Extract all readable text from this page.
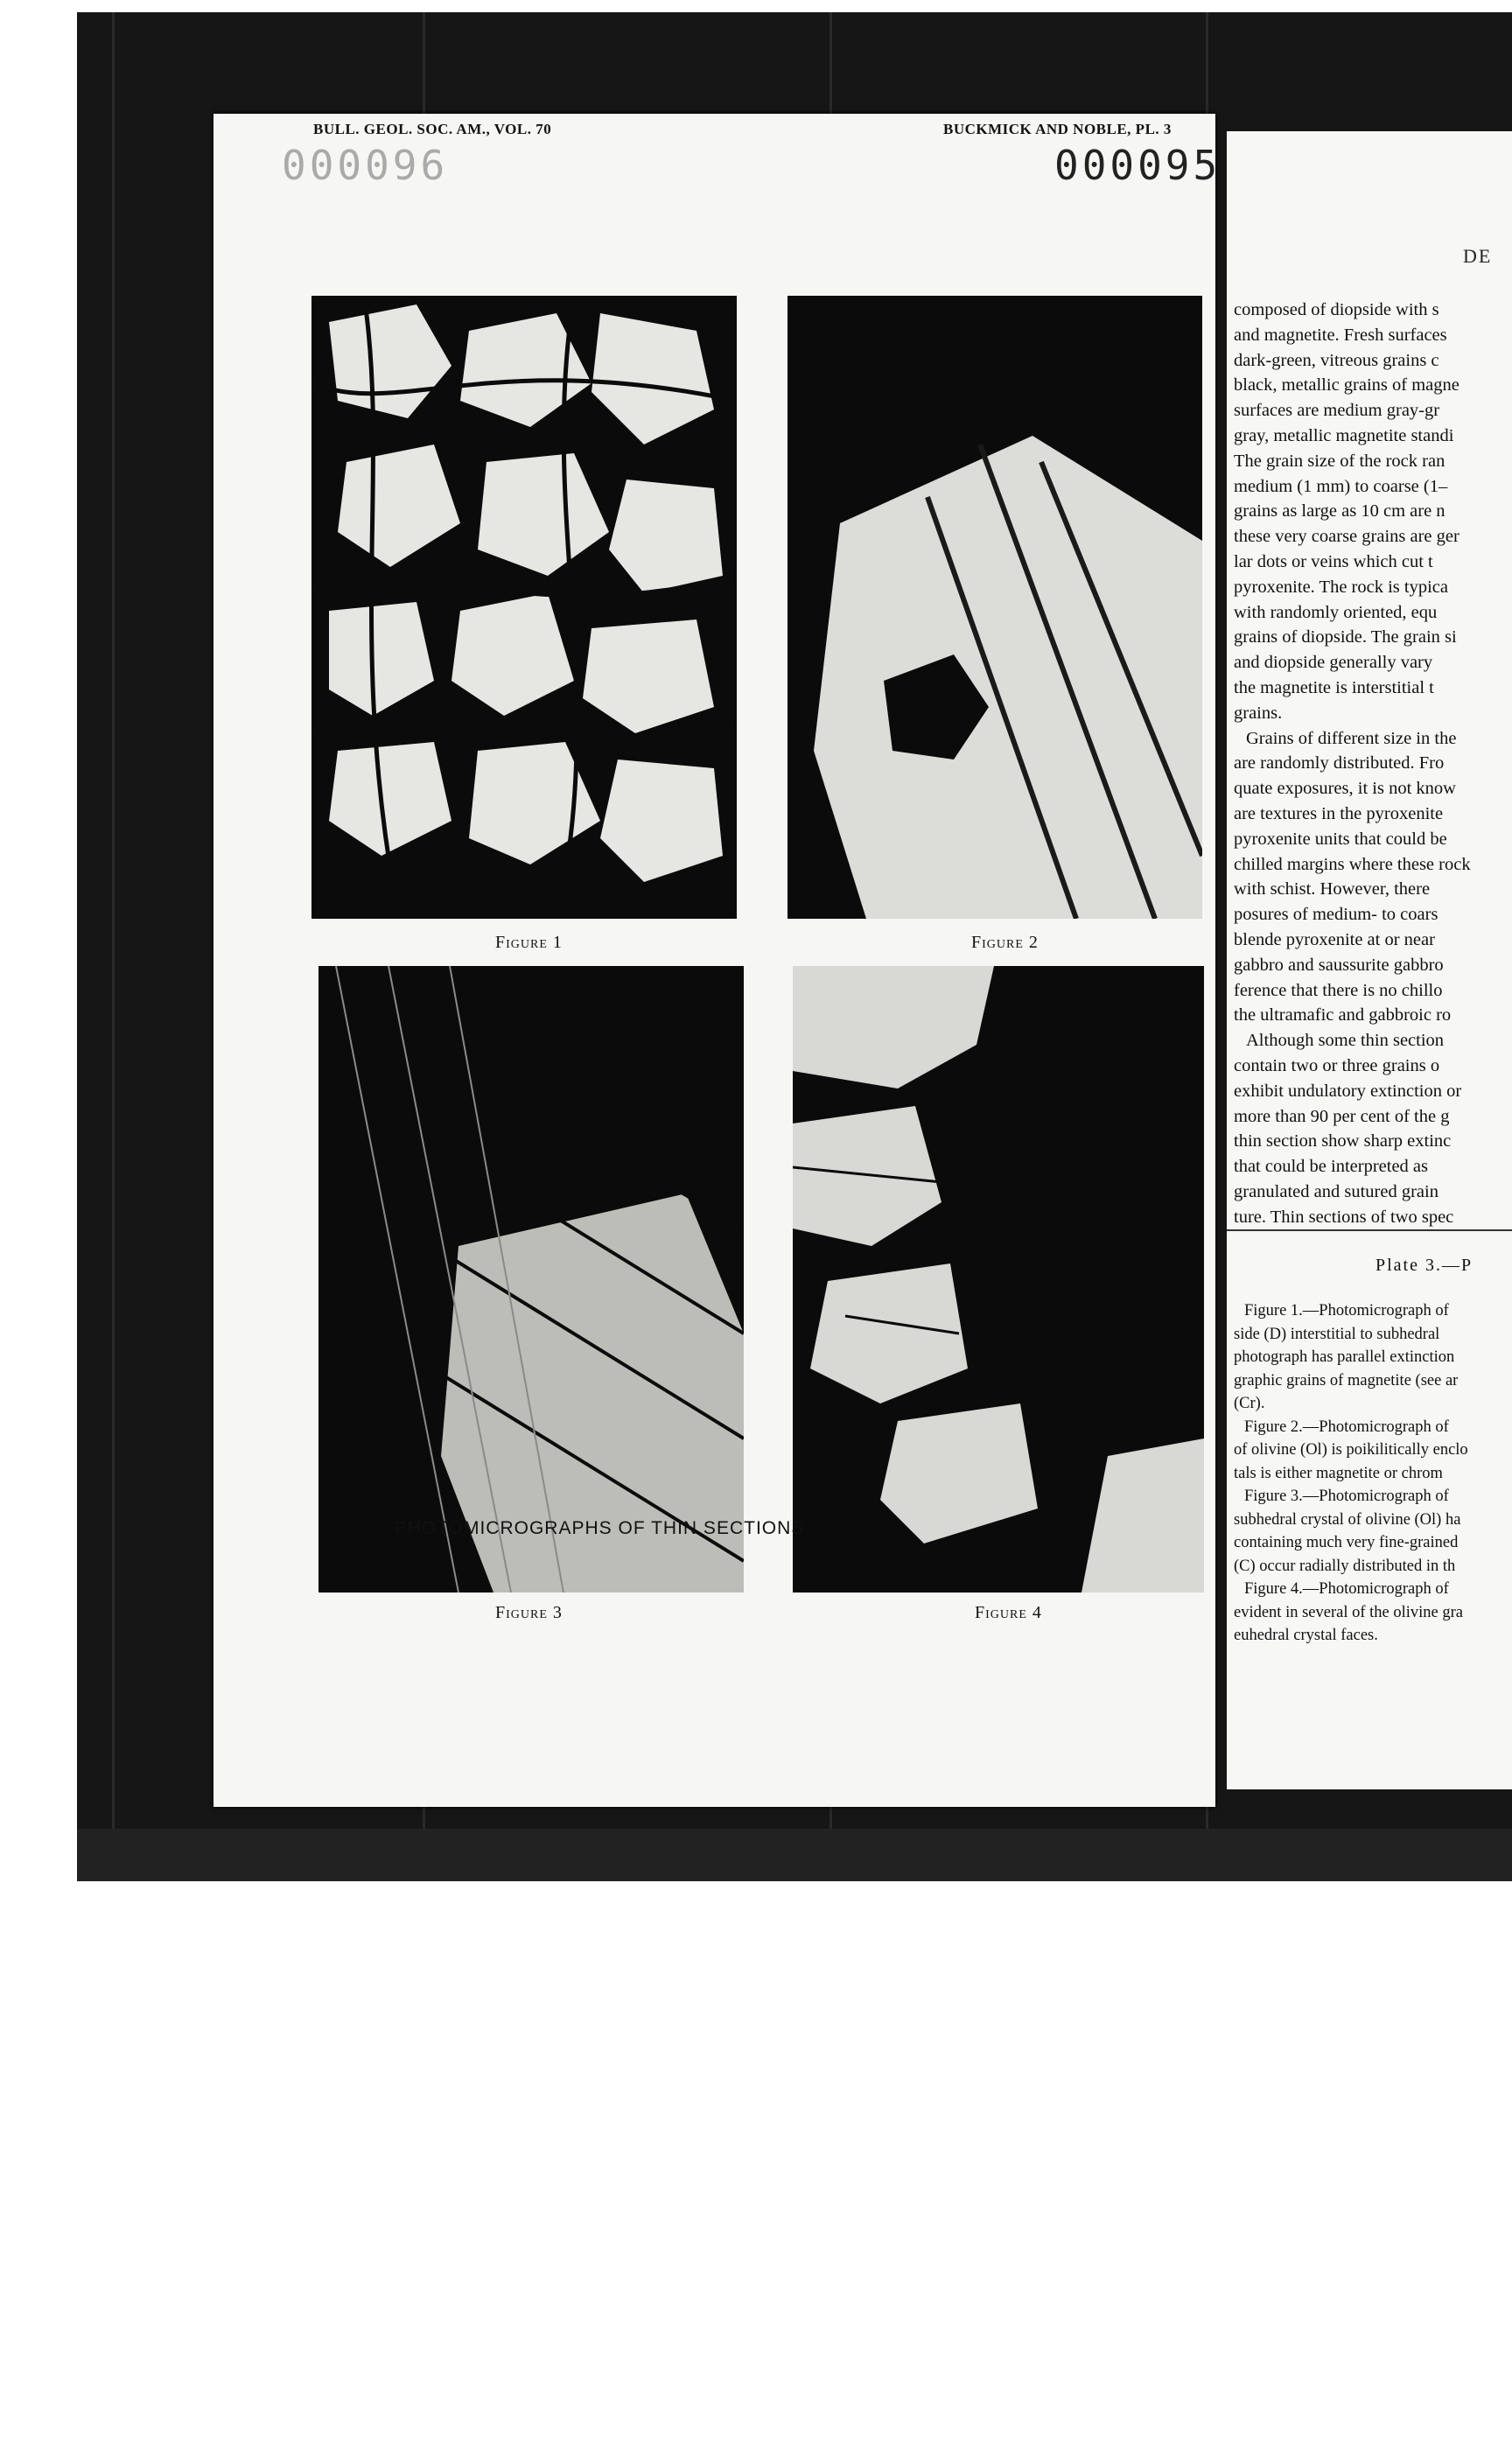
BULL. GEOL. SOC. AM., VOL. 70	BUCKMICK AND NOBLE, PL. 3
000096	000095
Figure 1	Figure 2
Figure 3	Figure 4
PHOTOMICROGRAPHS OF THIN SECTIONS
DE
composed of diopside with s
and magnetite. Fresh surfaces
dark-green, vitreous grains c
black, metallic grains of magne
surfaces are medium gray-gr
gray, metallic magnetite standi
The grain size of the rock ran
medium (1 mm) to coarse (1–
grains as large as 10 cm are n
these very coarse grains are ger
lar dots or veins which cut t
pyroxenite. The rock is typica
with randomly oriented, equ
grains of diopside. The grain si
and diopside generally vary
the magnetite is interstitial t
grains.
Grains of different size in the
are randomly distributed. Fro
quate exposures, it is not know
are textures in the pyroxenite
pyroxenite units that could be
chilled margins where these rock
with schist. However, there
posures of medium- to coars
blende pyroxenite at or near
gabbro and saussurite gabbro
ference that there is no chillo
the ultramafic and gabbroic ro
Although some thin section
contain two or three grains o
exhibit undulatory extinction or
more than 90 per cent of the g
thin section show sharp extinc
that could be interpreted as
granulated and sutured grain
ture. Thin sections of two spec
Plate 3.—P
Figure 1.—Photomicrograph of
side (D) interstitial to subhedral
photograph has parallel extinction
graphic grains of magnetite (see ar
(Cr).
Figure 2.—Photomicrograph of
of olivine (Ol) is poikilitically enclo
tals is either magnetite or chrom
Figure 3.—Photomicrograph of
subhedral crystal of olivine (Ol) ha
containing much very fine-grained
(C) occur radially distributed in th
Figure 4.—Photomicrograph of
evident in several of the olivine gra
euhedral crystal faces.
